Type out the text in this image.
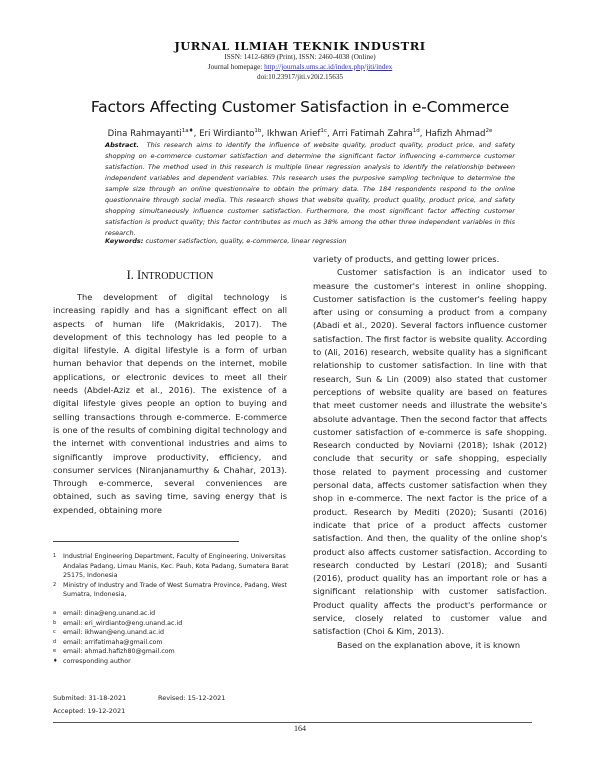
JURNAL ILMIAH TEKNIK INDUSTRI
ISSN: 1412-6869 (Print), ISSN: 2460-4038 (Online)
Journal homepage: http://journals.ums.ac.id/index.php/jiti/index
doi:10.23917/jiti.v20i2.15635
Factors Affecting Customer Satisfaction in e-Commerce
Dina Rahmayanti$^{1a♦}$, Eri Wirdianto$^{1b}$, Ikhwan Arief$^{1c}$, Arri Fatimah Zahra$^{1d}$, Hafizh Ahmad$^{2e}$
Abstract. This research aims to identify the influence of website quality, product quality, product price, and safety shopping on e-commerce customer satisfaction and determine the significant factor influencing e-commerce customer satisfaction. The method used in this research is multiple linear regression analysis to identify the relationship between independent variables and dependent variables. This research uses the purposive sampling technique to determine the sample size through an online questionnaire to obtain the primary data. The 184 respondents respond to the online questionnaire through social media. This research shows that website quality, product quality, product price, and safety shopping simultaneously influence customer satisfaction. Furthermore, the most significant factor affecting customer satisfaction is product quality; this factor contributes as much as 38% among the other three independent variables in this research.
Keywords: customer satisfaction, quality, e-commerce, linear regression
I. INTRODUCTION

The development of digital technology is increasing rapidly and has a significant effect on all aspects of human life (Makridakis, 2017). The development of this technology has led people to a digital lifestyle. A digital lifestyle is a form of urban human behavior that depends on the internet, mobile applications, or electronic devices to meet all their needs (Abdel-Aziz et al., 2016). The existence of a digital lifestyle gives people an option to buying and selling transactions through e-commerce. E-commerce is one of the results of combining digital technology and the internet with conventional industries and aims to significantly improve productivity, efficiency, and consumer services (Niranjanamurthy & Chahar, 2013). Through e-commerce, several conveniences are obtained, such as saving time, saving energy that is expended, obtaining more

variety of products, and getting lower prices.

Customer satisfaction is an indicator used to measure the customer's interest in online shopping. Customer satisfaction is the customer's feeling happy after using or consuming a product from a company (Abadi et al., 2020). Several factors influence customer satisfaction. The first factor is website quality. According to (Ali, 2016) research, website quality has a significant relationship to customer satisfaction. In line with that research, Sun & Lin (2009) also stated that customer perceptions of website quality are based on features that meet customer needs and illustrate the website's absolute advantage. Then the second factor that affects customer satisfaction of e-commerce is safe shopping. Research conducted by Noviarni (2018); Ishak (2012) conclude that security or safe shopping, especially those related to payment processing and customer personal data, affects customer satisfaction when they shop in e-commerce. The next factor is the price of a product. Research by Mediti (2020); Susanti (2016) indicate that price of a product affects customer satisfaction. And then, the quality of the online shop's product also affects customer satisfaction. According to research conducted by Lestari (2018); and Susanti (2016), product quality has an important role or has a significant relationship with customer satisfaction. Product quality affects the product's performance or service, closely related to customer value and satisfaction (Choi & Kim, 2013).

Based on the explanation above, it is known

1	Industrial Engineering Department, Faculty of Engineering, Universitas Andalas Padang, Limau Manis, Kec. Pauh, Kota Padang, Sumatera Barat 25175, Indonesia
2	Ministry of Industry and Trade of West Sumatra Province, Padang, West Sumatra, Indonesia,
a	email: dina@eng.unand.ac.id
b	email: eri_wirdianto@eng.unand.ac.id
c	email: ikhwan@eng.unand.ac.id
d	email: arrifatimaha@gmail.com
e	email: ahmad.hafizh80@gmail.com
♦ corresponding author
Submited: 31-18-2021	Revised: 15-12-2021
Accepted: 19-12-2021
164
